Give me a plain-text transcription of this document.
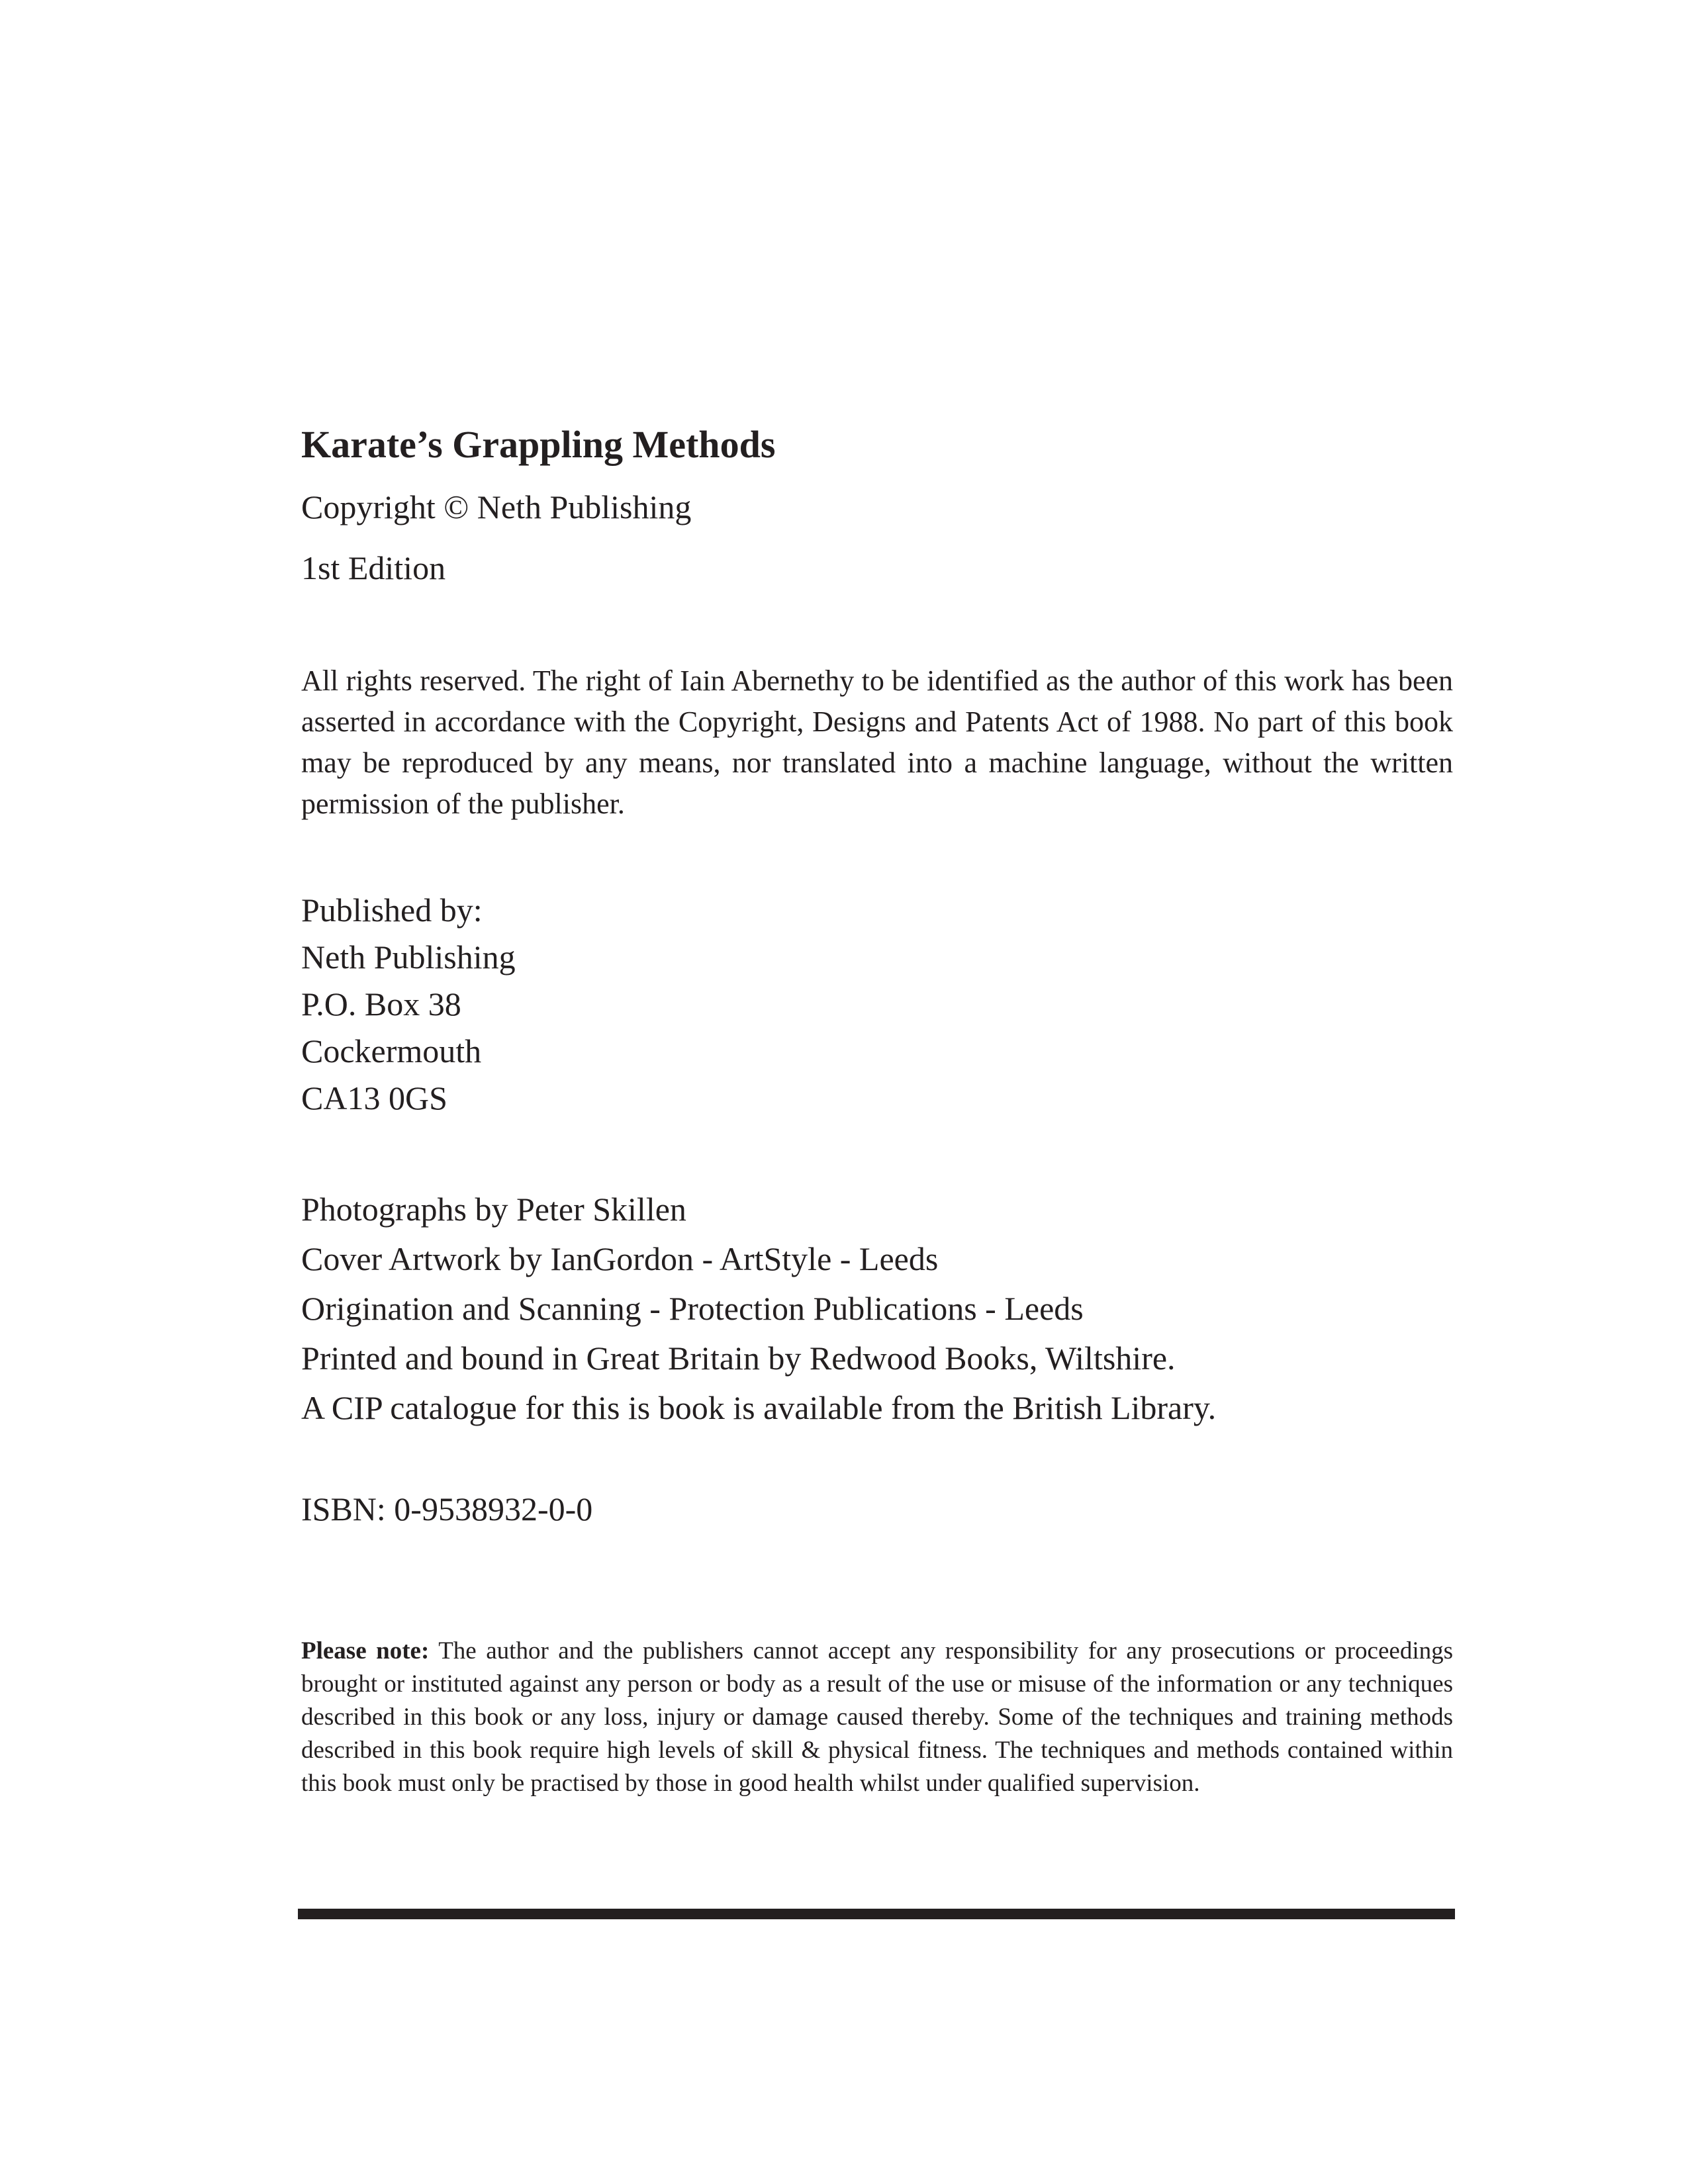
Karate’s Grappling Methods
Copyright © Neth Publishing
1st Edition

All rights reserved. The right of Iain Abernethy to be identified as the author of this work has been asserted in accordance with the Copyright, Designs and Patents Act of 1988. No part of this book may be reproduced by any means, nor translated into a machine language, without the written permission of the publisher.

Published by:
Neth Publishing
P.O. Box 38
Cockermouth
CA13 0GS
Photographs by Peter Skillen
Cover Artwork by IanGordon - ArtStyle - Leeds
Origination and Scanning - Protection Publications - Leeds
Printed and bound in Great Britain by Redwood Books, Wiltshire.
A CIP catalogue for this is book is available from the British Library.
ISBN: 0-9538932-0-0

Please note: The author and the publishers cannot accept any responsibility for any prosecutions or proceedings brought or instituted against any person or body as a result of the use or misuse of the information or any techniques described in this book or any loss, injury or damage caused thereby. Some of the techniques and training methods described in this book require high levels of skill & physical fitness. The techniques and methods contained within this book must only be practised by those in good health whilst under qualified supervision.
